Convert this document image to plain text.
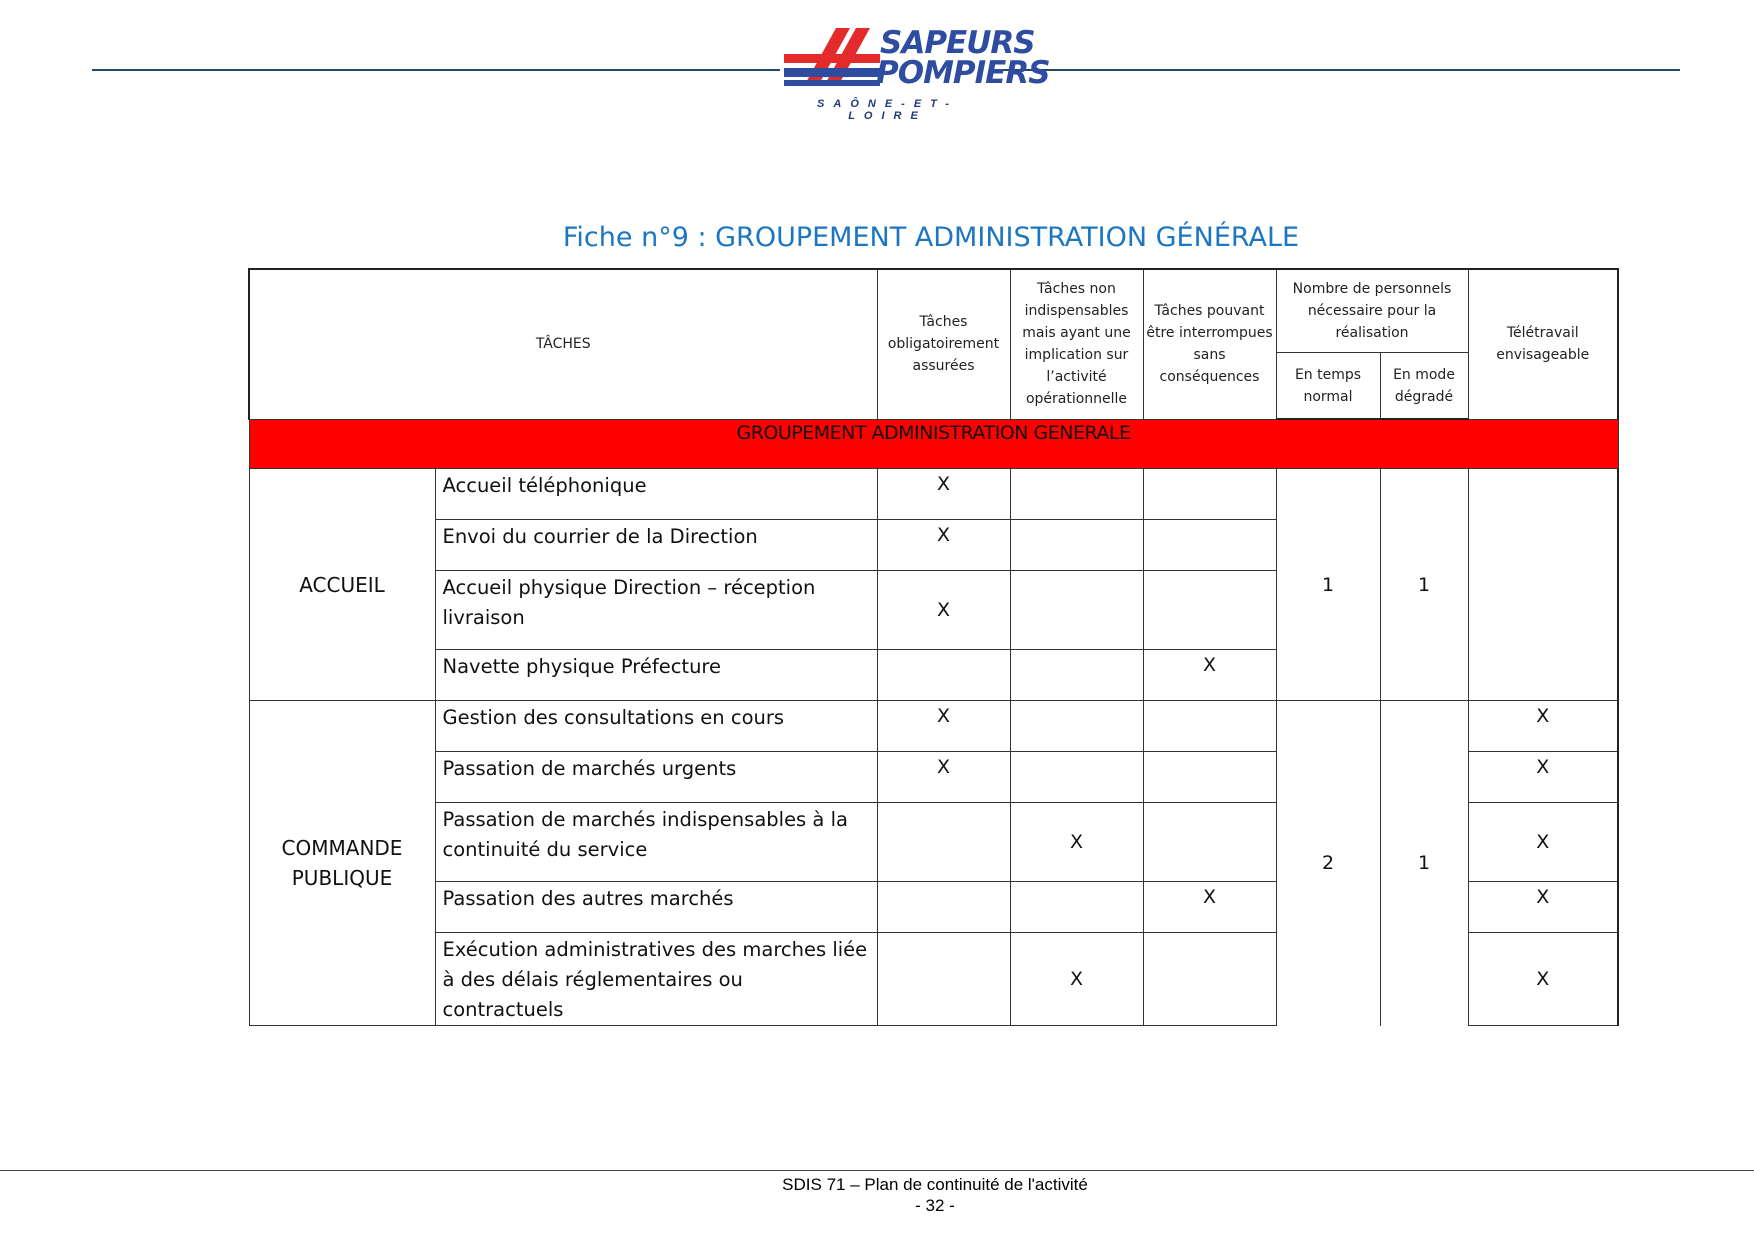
SAPEURS
POMPIERS
SAÔNE-ET-LOIRE
Fiche n°9 : GROUPEMENT ADMINISTRATION GÉNÉRALE
TÂCHES		Tâches obligatoirement assurées	Tâches non indispensables mais ayant une implication sur l’activité opérationnelle	Tâches pouvant être interrompues sans conséquences	Nombre de personnels nécessaire pour la réalisation		Télétravail envisageable
					En temps normal	En mode dégradé	
GROUPEMENT ADMINISTRATION GENERALE							
ACCUEIL	Accueil téléphonique	X			1	1	
	Envoi du courrier de la Direction	X					
	Accueil physique Direction – réception livraison	X					
	Navette physique Préfecture			X			
COMMANDE PUBLIQUE	Gestion des consultations en cours	X			2	1	X
	Passation de marchés urgents	X					X
	Passation de marchés indispensables à la continuité du service		X				X
	Passation des autres marchés			X			X
	Exécution administratives des marches liée à des délais réglementaires ou contractuels		X				X
SDIS 71 – Plan de continuité de l'activité
- 32 -
